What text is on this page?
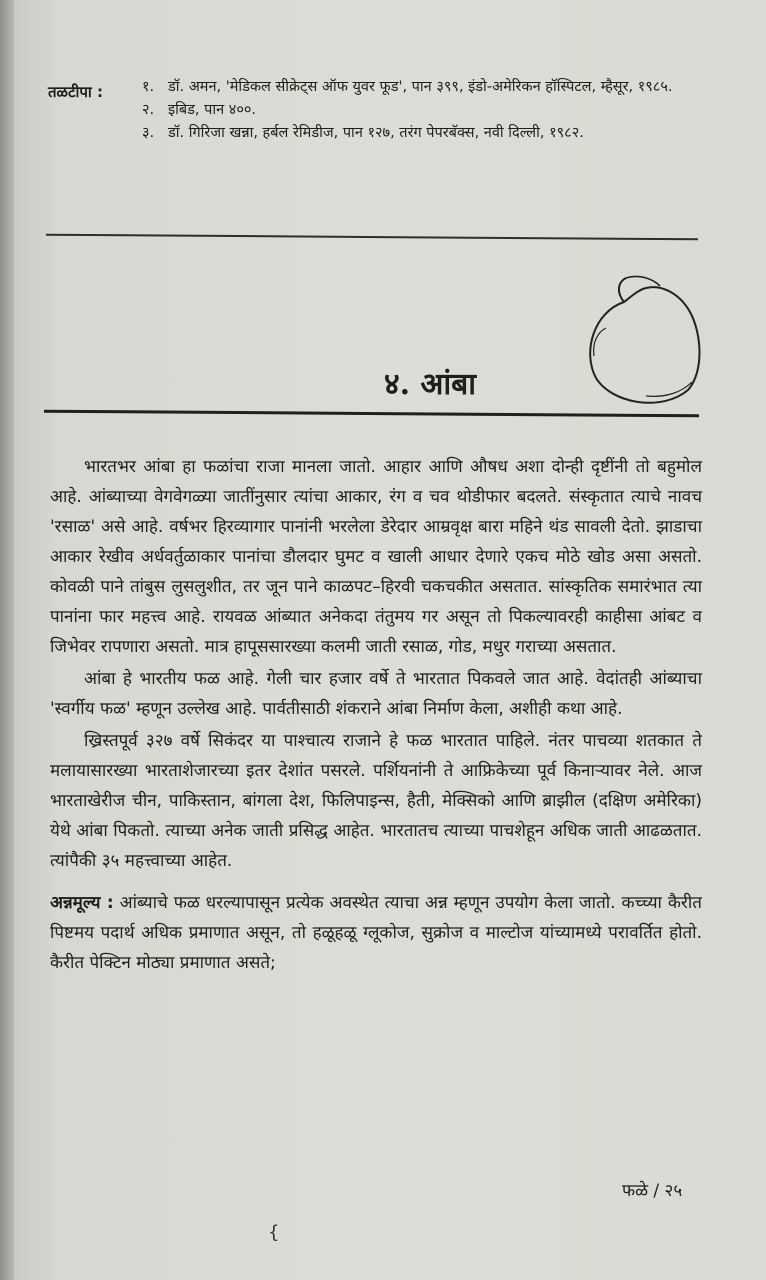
तळटीपा :	१. डॉ. अमन, 'मेडिकल सीक्रेट्स ऑफ युवर फूड', पान ३९९, इंडो-अमेरिकन हॉस्पिटल, म्हैसूर, १९८५.
२. इबिड, पान ४००.
३. डॉ. गिरिजा खन्ना, हर्बल रेमिडीज, पान १२७, तरंग पेपरबॅक्स, नवी दिल्ली, १९८२.
४. आंबा

भारतभर आंबा हा फळांचा राजा मानला जातो. आहार आणि औषध अशा दोन्ही दृष्टींनी तो बहुमोल आहे. आंब्याच्या वेगवेगळ्या जातींनुसार त्यांचा आकार, रंग व चव थोडीफार बदलते. संस्कृतात त्याचे नावच 'रसाळ' असे आहे. वर्षभर हिरव्यागार पानांनी भरलेला डेरेदार आम्रवृक्ष बारा महिने थंड सावली देतो. झाडाचा आकार रेखीव अर्धवर्तुळाकार पानांचा डौलदार घुमट व खाली आधार देणारे एकच मोठे खोड असा असतो. कोवळी पाने तांबुस लुसलुशीत, तर जून पाने काळपट–हिरवी चकचकीत असतात. सांस्कृतिक समारंभात त्या पानांना फार महत्त्व आहे. रायवळ आंब्यात अनेकदा तंतुमय गर असून तो पिकल्यावरही काहीसा आंबट व जिभेवर रापणारा असतो. मात्र हापूससारख्या कलमी जाती रसाळ, गोड, मधुर गराच्या असतात.

आंबा हे भारतीय फळ आहे. गेली चार हजार वर्षे ते भारतात पिकवले जात आहे. वेदांतही आंब्याचा 'स्वर्गीय फळ' म्हणून उल्लेख आहे. पार्वतीसाठी शंकराने आंबा निर्माण केला, अशीही कथा आहे.

ख्रिस्तपूर्व ३२७ वर्षे सिकंदर या पाश्चात्य राजाने हे फळ भारतात पाहिले. नंतर पाचव्या शतकात ते मलायासारख्या भारताशेजारच्या इतर देशांत पसरले. पर्शियनांनी ते आफ्रिकेच्या पूर्व किनाऱ्यावर नेले. आज भारताखेरीज चीन, पाकिस्तान, बांगला देश, फिलिपाइन्स, हैती, मेक्सिको आणि ब्राझील (दक्षिण अमेरिका) येथे आंबा पिकतो. त्याच्या अनेक जाती प्रसिद्ध आहेत. भारतातच त्याच्या पाचशेहून अधिक जाती आढळतात. त्यांपैकी ३५ महत्त्वाच्या आहेत.

अन्नमूल्य : आंब्याचे फळ धरल्यापासून प्रत्येक अवस्थेत त्याचा अन्न म्हणून उपयोग केला जातो. कच्च्या कैरीत पिष्टमय पदार्थ अधिक प्रमाणात असून, तो हळूहळू ग्लूकोज, सुक्रोज व माल्टोज यांच्यामध्ये परावर्तित होतो. कैरीत पेक्टिन मोठ्या प्रमाणात असते;

फळे / २५
{
